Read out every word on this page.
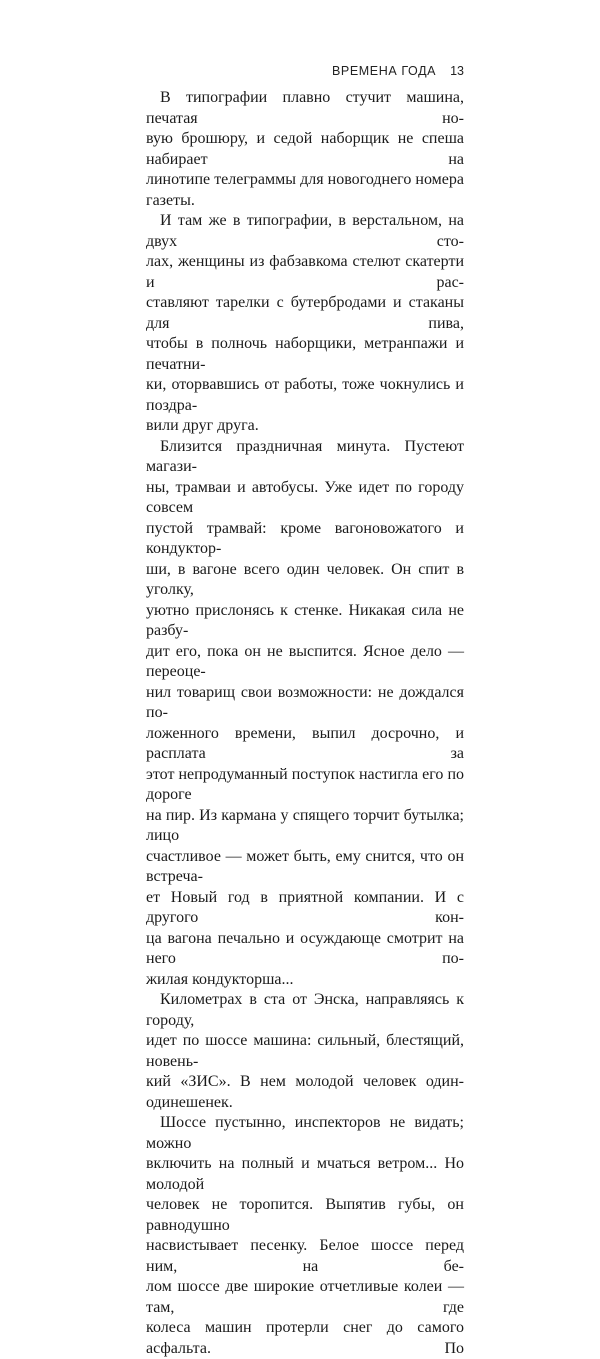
ВРЕМЕНА ГОДА 13

В типографии плавно стучит машина, печатая но-
вую брошюру, и седой наборщик не спеша набирает на
линотипе телеграммы для новогоднего номера газеты.

И там же в типографии, в верстальном, на двух сто-
лах, женщины из фабзавкома стелют скатерти и рас-
ставляют тарелки с бутербродами и стаканы для пива,
чтобы в полночь наборщики, метранпажи и печатни-
ки, оторвавшись от работы, тоже чокнулись и поздра-
вили друг друга.

Близится праздничная минута. Пустеют магази-
ны, трамваи и автобусы. Уже идет по городу совсем
пустой трамвай: кроме вагоновожатого и кондуктор-
ши, в вагоне всего один человек. Он спит в уголку,
уютно прислонясь к стенке. Никакая сила не разбу-
дит его, пока он не выспится. Ясное дело — переоце-
нил товарищ свои возможности: не дождался по-
ложенного времени, выпил досрочно, и расплата за
этот непродуманный поступок настигла его по дороге
на пир. Из кармана у спящего торчит бутылка; лицо
счастливое — может быть, ему снится, что он встреча-
ет Новый год в приятной компании. И с другого кон-
ца вагона печально и осуждающе смотрит на него по-
жилая кондукторша...

Километрах в ста от Энска, направляясь к городу,
идет по шоссе машина: сильный, блестящий, новень-
кий «ЗИС». В нем молодой человек один-одинешенек.

Шоссе пустынно, инспекторов не видать; можно
включить на полный и мчаться ветром... Но молодой
человек не торопится. Выпятив губы, он равнодушно
насвистывает песенку. Белое шоссе перед ним, на бе-
лом шоссе две широкие отчетливые колеи — там, где
колеса машин протерли снег до самого асфальта. По
